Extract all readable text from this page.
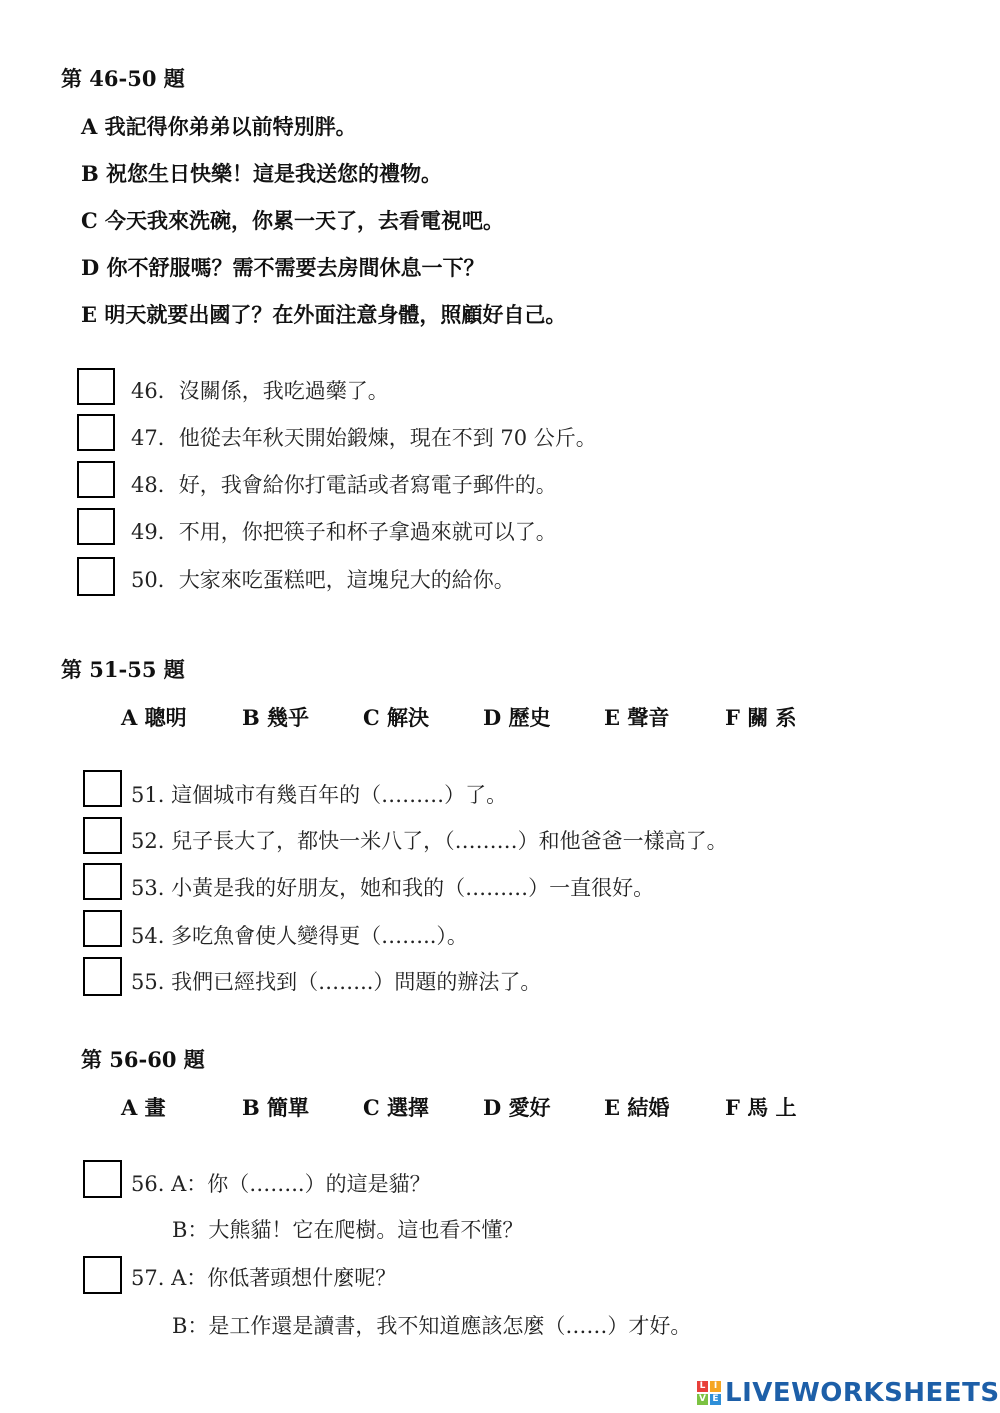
第 46-50 題
A 我記得你弟弟以前特別胖。
B 祝您生日快樂！這是我送您的禮物。
C 今天我來洗碗，你累一天了，去看電視吧。
D 你不舒服嗎？需不需要去房間休息一下？
E 明天就要出國了？在外面注意身體，照顧好自己。
46．沒關係，我吃過藥了。
47．他從去年秋天開始鍛煉，現在不到 70 公斤。
48．好，我會給你打電話或者寫電子郵件的。
49．不用，你把筷子和杯子拿過來就可以了。
50．大家來吃蛋糕吧，這塊兒大的給你。
第 51-55 題
A 聰明	B 幾乎	C 解決	D 歷史	E 聲音	F 關 系
51. 這個城市有幾百年的（………）了。
52. 兒子長大了，都快一米八了，（………）和他爸爸一樣高了。
53. 小黃是我的好朋友，她和我的（………）一直很好。
54. 多吃魚會使人變得更（……..）。
55. 我們已經找到（……..）問題的辦法了。
第 56-60 題
A 畫	B 簡單	C 選擇	D 愛好	E 結婚	F 馬 上
56. A：你（……..）的這是貓？
B：大熊貓！它在爬樹。這也看不懂？
57. A：你低著頭想什麼呢？
B：是工作還是讀書，我不知道應該怎麼（……）才好。
L I
V E LIVEWORKSHEETS
